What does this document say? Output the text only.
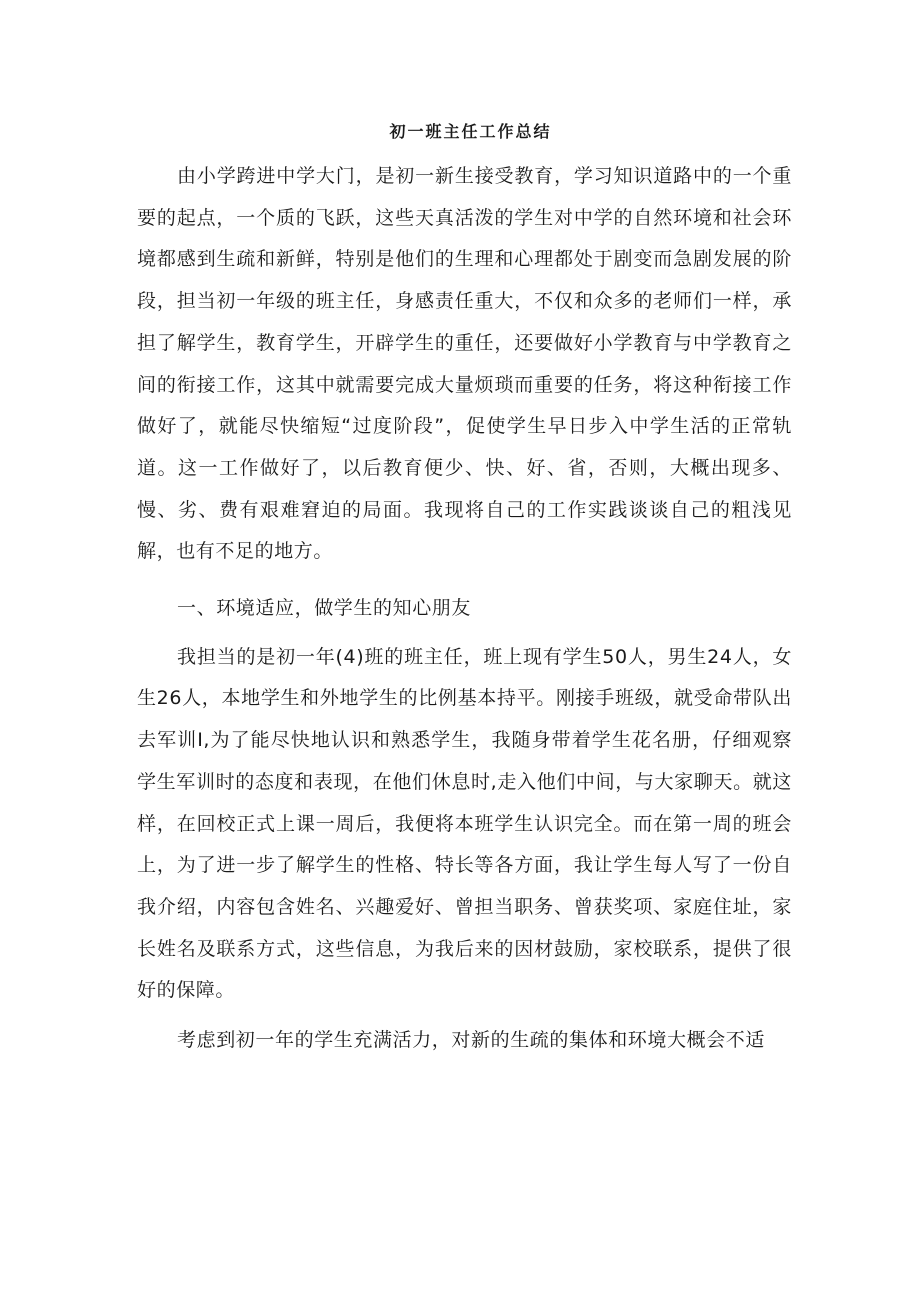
初一班主任工作总结

由小学跨进中学大门，是初一新生接受教育，学习知识道路中的一个重要的起点，一个质的飞跃，这些天真活泼的学生对中学的自然环境和社会环境都感到生疏和新鲜，特别是他们的生理和心理都处于剧变而急剧发展的阶段，担当初一年级的班主任，身感责任重大，不仅和众多的老师们一样，承担了解学生，教育学生，开辟学生的重任，还要做好小学教育与中学教育之间的衔接工作，这其中就需要完成大量烦琐而重要的任务，将这种衔接工作做好了，就能尽快缩短“过度阶段”，促使学生早日步入中学生活的正常轨道。这一工作做好了，以后教育便少、快、好、省，否则，大概出现多、慢、劣、费有艰难窘迫的局面。我现将自己的工作实践谈谈自己的粗浅见解，也有不足的地方。

一、环境适应，做学生的知心朋友

我担当的是初一年(4)班的班主任，班上现有学生50人，男生24人，女生26人，本地学生和外地学生的比例基本持平。刚接手班级，就受命带队出去军训I,为了能尽快地认识和熟悉学生，我随身带着学生花名册，仔细观察学生军训时的态度和表现，在他们休息时,走入他们中间，与大家聊天。就这样，在回校正式上课一周后，我便将本班学生认识完全。而在第一周的班会上，为了进一步了解学生的性格、特长等各方面，我让学生每人写了一份自我介绍，内容包含姓名、兴趣爱好、曾担当职务、曾获奖项、家庭住址，家长姓名及联系方式，这些信息，为我后来的因材鼓励，家校联系，提供了很好的保障。

考虑到初一年的学生充满活力，对新的生疏的集体和环境大概会不适
